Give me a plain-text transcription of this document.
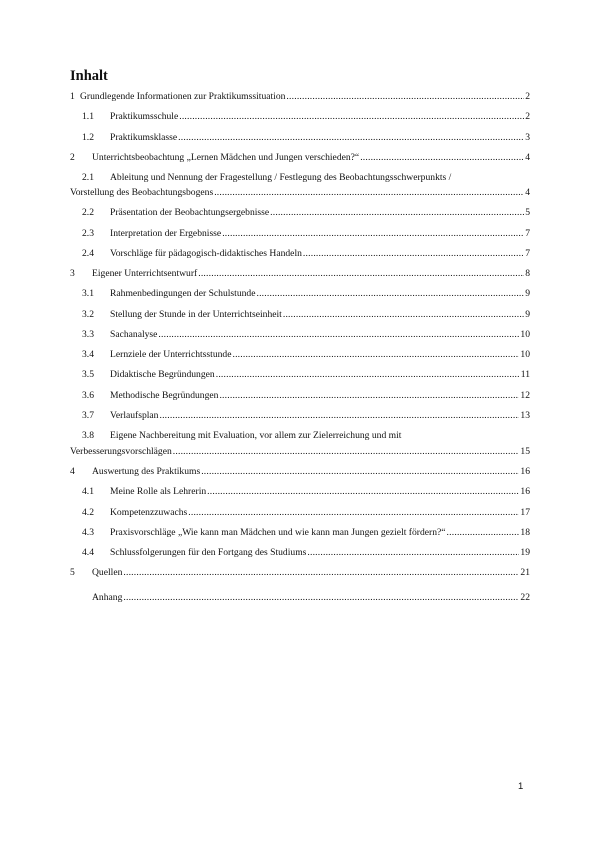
Inhalt
1 Grundlegende Informationen zur Praktikumssituation .....	2
1.1	Praktikumsschule .....	2
1.2	Praktikumsklasse .....	3
2	Unterrichtsbeobachtung „Lernen Mädchen und Jungen verschieden?“ .....	4
2.1 Ableitung und Nennung der Fragestellung / Festlegung des Beobachtungsschwerpunkts /
Vorstellung des Beobachtungsbogens .....	4
2.2	Präsentation der Beobachtungsergebnisse .....	5
2.3	Interpretation der Ergebnisse .....	7
2.4	Vorschläge für pädagogisch-didaktisches Handeln .....	7
3	Eigener Unterrichtsentwurf .....	8
3.1	Rahmenbedingungen der Schulstunde .....	9
3.2	Stellung der Stunde in der Unterrichtseinheit .....	9
3.3	Sachanalyse .....	10
3.4	Lernziele der Unterrichtsstunde .....	10
3.5	Didaktische Begründungen .....	11
3.6	Methodische Begründungen .....	12
3.7	Verlaufsplan .....	13
3.8 Eigene Nachbereitung mit Evaluation, vor allem zur Zielerreichung und mit
Verbesserungsvorschlägen .....	15
4	Auswertung des Praktikums .....	16
4.1	Meine Rolle als Lehrerin .....	16
4.2	Kompetenzzuwachs .....	17
4.3	Praxisvorschläge „Wie kann man Mädchen und wie kann man Jungen gezielt fördern?“ .....	18
4.4	Schlussfolgerungen für den Fortgang des Studiums .....	19
5	Quellen .....	21
Anhang .....	22
1
